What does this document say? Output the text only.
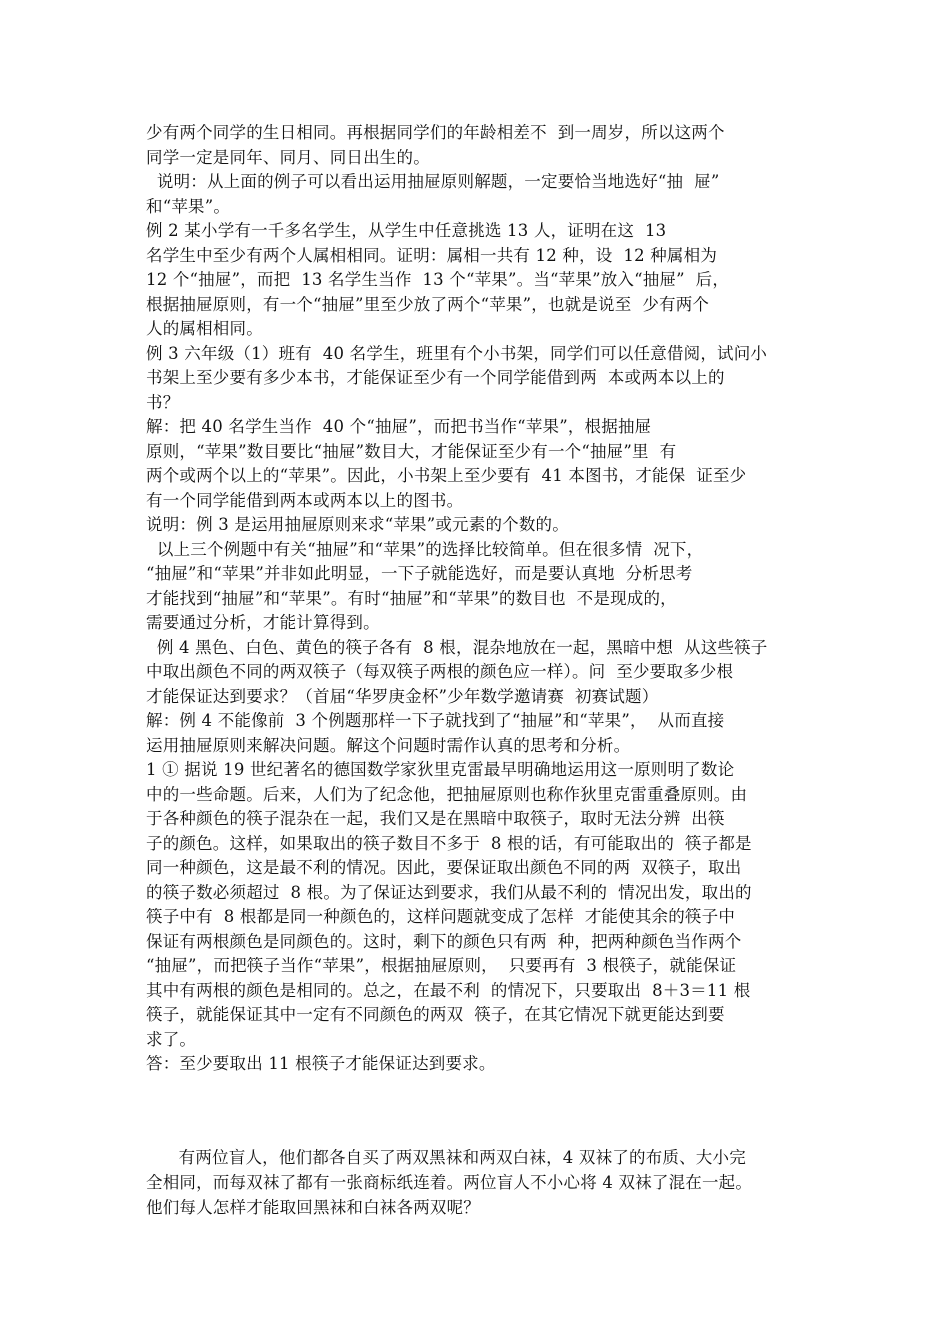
少有两个同学的生日相同。再根据同学们的年龄相差不  到一周岁，所以这两个
同学一定是同年、同月、同日出生的。
说明：从上面的例子可以看出运用抽屉原则解题，一定要恰当地选好“抽  屉”
和“苹果”。
例 2 某小学有一千多名学生，从学生中任意挑选 13 人，证明在这  13
名学生中至少有两个人属相相同。证明：属相一共有 12 种，设  12 种属相为
12 个“抽屉”，而把  13 名学生当作  13 个“苹果”。当“苹果”放入“抽屉”  后，
根据抽屉原则，有一个“抽屉”里至少放了两个“苹果”，也就是说至  少有两个
人的属相相同。
例 3 六年级（1）班有  40 名学生，班里有个小书架，同学们可以任意借阅，试问小
书架上至少要有多少本书，才能保证至少有一个同学能借到两  本或两本以上的
书？
解：把 40 名学生当作  40 个“抽屉”，而把书当作“苹果”，根据抽屉
原则，“苹果”数目要比“抽屉”数目大，才能保证至少有一个“抽屉”里  有
两个或两个以上的“苹果”。因此，小书架上至少要有  41 本图书，才能保  证至少
有一个同学能借到两本或两本以上的图书。
说明：例 3 是运用抽屉原则来求“苹果”或元素的个数的。
以上三个例题中有关“抽屉”和“苹果”的选择比较简单。但在很多情  况下，
“抽屉”和“苹果”并非如此明显，一下子就能选好，而是要认真地  分析思考
才能找到“抽屉”和“苹果”。有时“抽屉”和“苹果”的数目也  不是现成的，
需要通过分析，才能计算得到。
例 4 黑色、白色、黄色的筷子各有  8 根，混杂地放在一起，黑暗中想  从这些筷子
中取出颜色不同的两双筷子（每双筷子两根的颜色应一样）。问  至少要取多少根
才能保证达到要求？（首届“华罗庚金杯”少年数学邀请赛  初赛试题）
解：例 4 不能像前  3 个例题那样一下子就找到了“抽屉”和“苹果”，  从而直接
运用抽屉原则来解决问题。解这个问题时需作认真的思考和分析。
1 ① 据说 19 世纪著名的德国数学家狄里克雷最早明确地运用这一原则明了数论
中的一些命题。后来，人们为了纪念他，把抽屉原则也称作狄里克雷重叠原则。由
于各种颜色的筷子混杂在一起，我们又是在黑暗中取筷子，取时无法分辨  出筷
子的颜色。这样，如果取出的筷子数目不多于  8 根的话，有可能取出的  筷子都是
同一种颜色，这是最不利的情况。因此，要保证取出颜色不同的两  双筷子，取出
的筷子数必须超过  8 根。为了保证达到要求，我们从最不利的  情况出发，取出的
筷子中有  8 根都是同一种颜色的，这样问题就变成了怎样  才能使其余的筷子中
保证有两根颜色是同颜色的。这时，剩下的颜色只有两  种，把两种颜色当作两个
“抽屉”，而把筷子当作“苹果”，根据抽屉原则，  只要再有  3 根筷子，就能保证
其中有两根的颜色是相同的。总之，在最不利  的情况下，只要取出  8＋3＝11 根
筷子，就能保证其中一定有不同颜色的两双  筷子，在其它情况下就更能达到要
求了。
答：至少要取出 11 根筷子才能保证达到要求。
有两位盲人，他们都各自买了两双黑袜和两双白袜，4 双袜了的布质、大小完
全相同，而每双袜了都有一张商标纸连着。两位盲人不小心将 4 双袜了混在一起。
他们每人怎样才能取回黑袜和白袜各两双呢？
